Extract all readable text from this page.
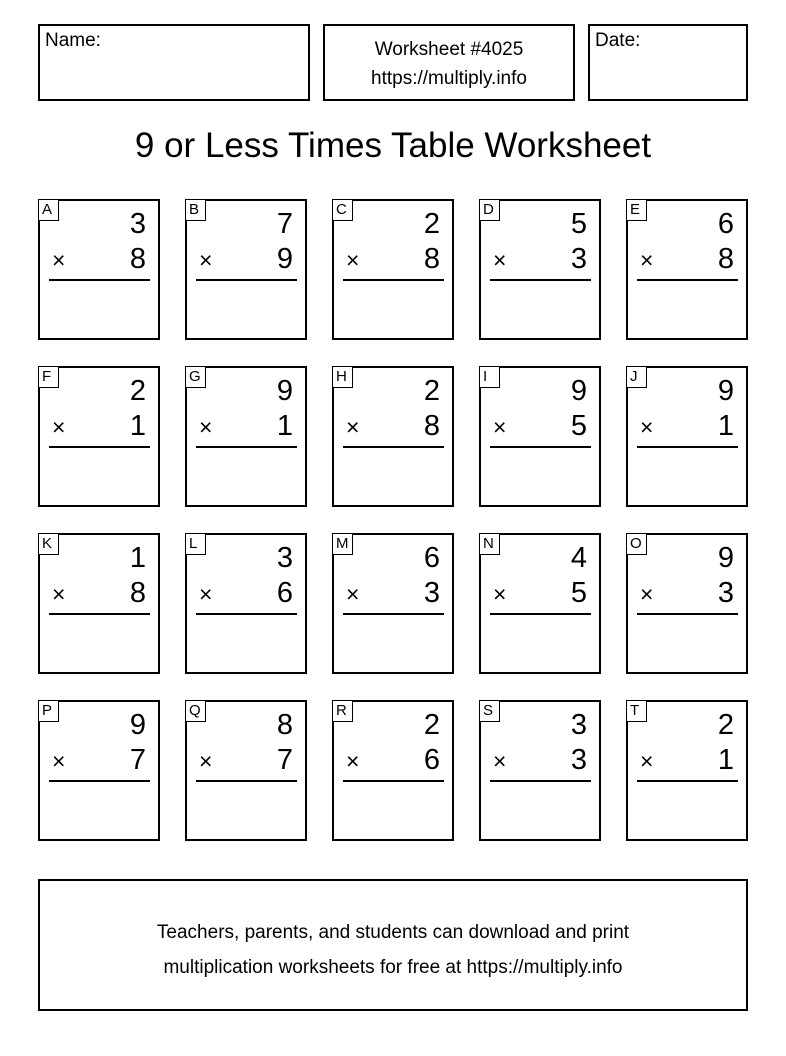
Name:	Worksheet #4025
https://multiply.info
Date:
9 or Less Times Table Worksheet
A	3
× 8
B	7
× 9
C	2
× 8
D	5
× 3
E	6
× 8
F	2
× 1
G	9
× 1
H	2
× 8
I	9
× 5
J	9
× 1
K	1
× 8
L	3
× 6
M	6
× 3
N	4
× 5
O	9
× 3
P	9
× 7
Q	8
× 7
R	2
× 6
S	3
× 3
T	2
× 1
Teachers, parents, and students can download and print
multiplication worksheets for free at https://multiply.info
